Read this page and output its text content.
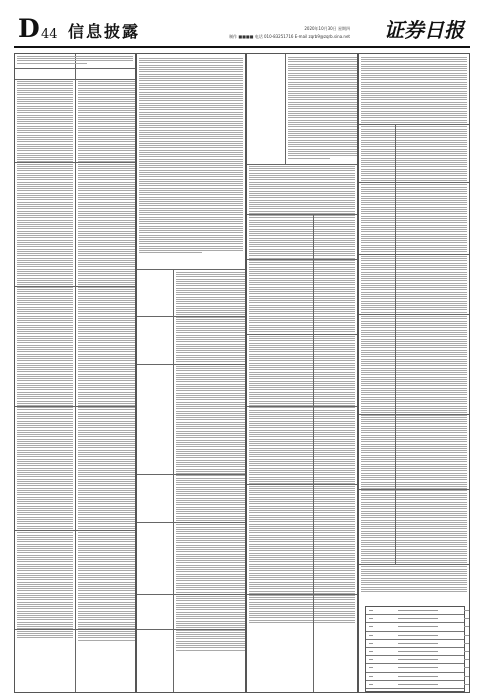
D 44 信息披露	2020年10月30日 星期四
制作 ■■■■ 电话 010-83251716 E-mail zqrb9@zqrb.sina.net 证券日报
